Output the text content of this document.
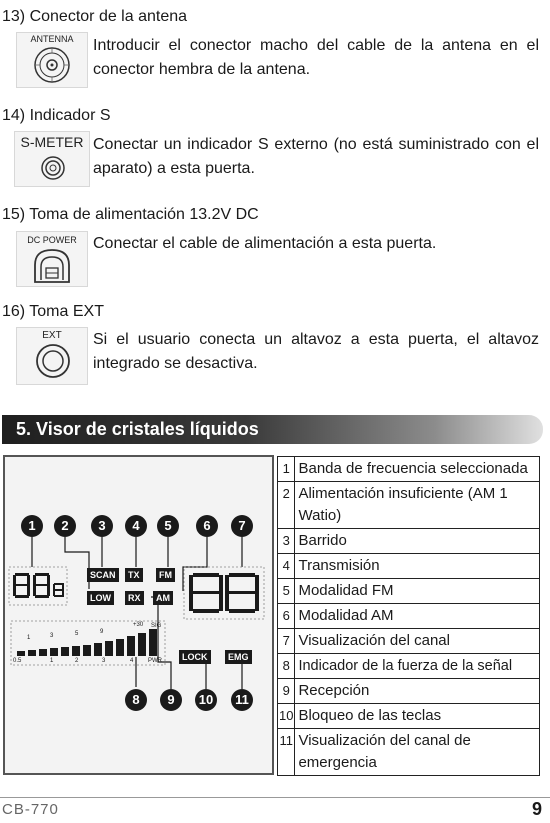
13) Conector de la antena
ANTENNA	Introducir el conector macho del cable de la antena en el conector hembra de la antena.
14) Indicador S
S-METER Conectar un indicador S externo (no está suministrado con el aparato) a esta puerta.
15) Toma de alimentación 13.2V DC
DC POWER	Conectar el cable de alimentación a esta puerta.
16) Toma EXT
EXT	Si el usuario conecta un altavoz a esta puerta, el altavoz integrado se desactiva.
5. Visor de cristales líquidos
1	2	3	4	5	6	7
SCAN	TX	FM
LOW	RX	AM
LOCK	EMG
1	3	5	9
+30 SIG
0.5	1	2	3	4 PWR
8	9	10	11
1	Banda de frecuencia seleccionada
2	Alimentación insuficiente (AM 1 Watio)
3	Barrido
4	Transmisión
5	Modalidad FM
6	Modalidad AM
7	Visualización del canal
8	Indicador de la fuerza de la señal
9	Recepción
10	Bloqueo de las teclas
11	Visualización del canal de emergencia
CB-770	9
